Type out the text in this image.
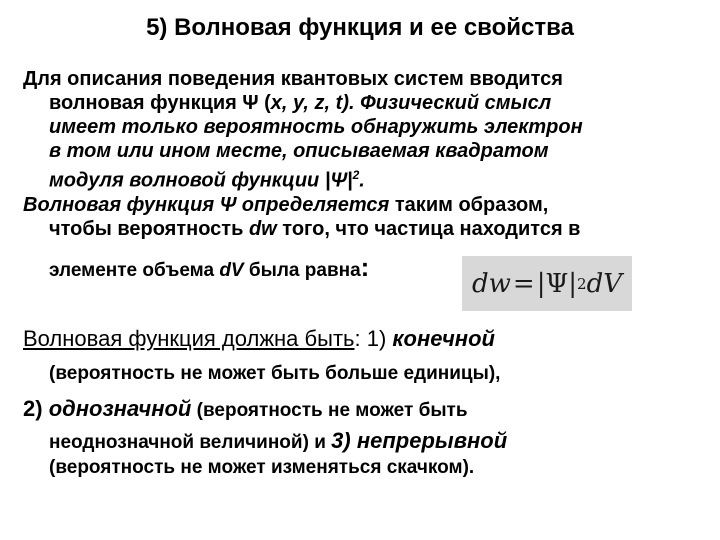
5) Волновая функция и ее свойства
Для описания поведения квантовых систем вводится
волновая функция Ψ (x, y, z, t). Физический смысл
имеет только вероятность обнаружить электрон
в том или ином месте, описываемая квадратом
модуля волновой функции $|\Psi|^2$.
Волновая функция Ψ определяется таким образом,
чтобы вероятность dw того, что частица находится в
элементе объема dV была равна:
dw = |Ψ| 2 dV
Волновая функция должна быть: 1) конечной
(вероятность не может быть больше единицы),
2) однозначной (вероятность не может быть
неоднозначной величиной) и 3) непрерывной
(вероятность не может изменяться скачком).
